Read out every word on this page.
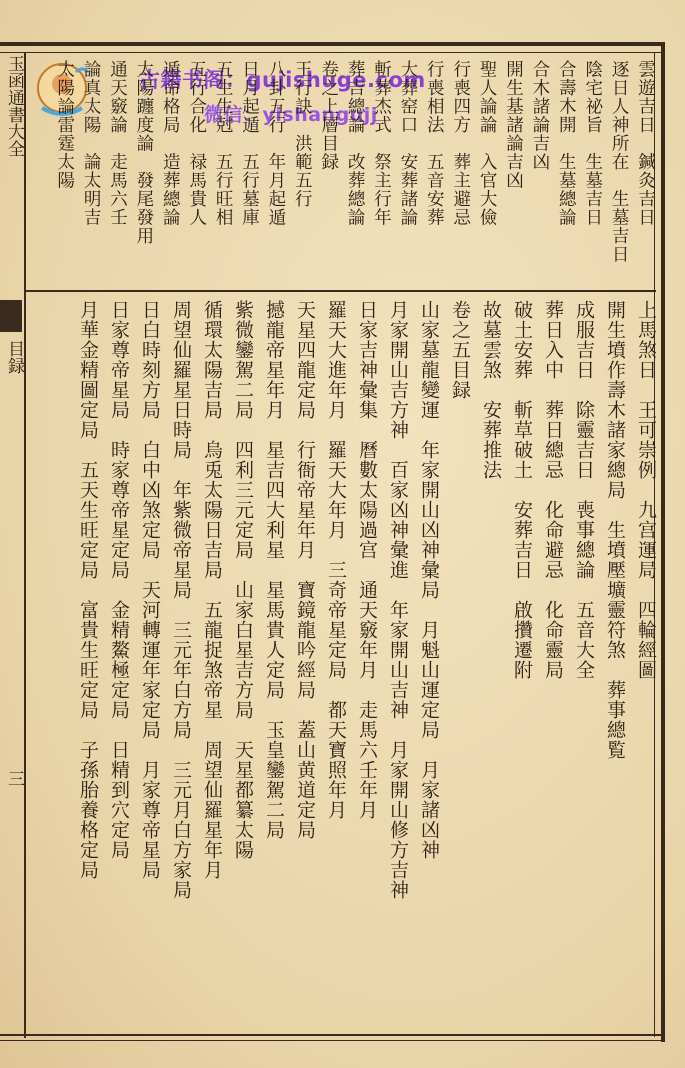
玉函通書大全
目録
三
古籍书阁：gujishuge.com
微信：yishangujj	雲遊吉日　鍼灸吉日
逐日人神所在　生墓吉日
陰宅祕旨　生墓吉日
合壽木開　生墓總論
合木諸論吉凶
開生基諸論吉凶
聖人論論　入官大儉
行喪四方　葬主避忌
行喪相法　五音安葬
大葬窑口　安葬諸論
斬葬杰式　祭主行年
葬吉總論　改葬總論
卷之上層目録
王行訣　洪範五行
八卦五行　年月起遁
日月起遁　五行墓庫
五生生尅　五行旺相
五行合化　禄馬貴人
遁命格局　造葬總論
太陽躔度論　發尾發用
通天竅論　走馬六壬
論真太陽　論太明吉
太陽論雷霆太陽
上馬煞日　王可崇例　九宫運局　四輪經圖
開生墳作壽木諸家總局　生墳壓壙靈符煞　葬事總覧
成服吉日　除靈吉日　喪事總論　五音大全
葬日入中　葬日總忌　化命避忌　化命靈局
破土安葬　斬草破土　安葬吉日　啟攢遷附
故墓雲煞　安葬推法
卷之五目録
山家墓龍變運　年家開山凶神彙局　月魁山運定局　月家諸凶神
月家開山吉方神　百家凶神彙進　年家開山吉神　月家開山修方吉神
日家吉神彙集　曆數太陽過宫　通天竅年月　走馬六壬年月
羅天大進年月　羅天大年月　三奇帝星定局　都天寶照年月
天星四龍定局　行衙帝星年月　寶鏡龍吟經局　蓋山黄道定局
撼龍帝星年月　星吉四大利星　星馬貴人定局　玉皇鑾駕二局
紫微鑾駕二局　四利三元定局　山家白星吉方局　天星都纂太陽
循環太陽吉局　烏兎太陽日吉局　五龍捉煞帝星　周望仙羅星年月
周望仙羅星日時局　年紫微帝星局　三元年白方局　三元月白方家局
日白時刻方局　白中凶煞定局　天河轉運年家定局　月家尊帝星局
日家尊帝星局　時家尊帝星定局　金精鰲極定局　日精到穴定局
月華金精圖定局　五天生旺定局　富貴生旺定局　子孫胎養格定局
